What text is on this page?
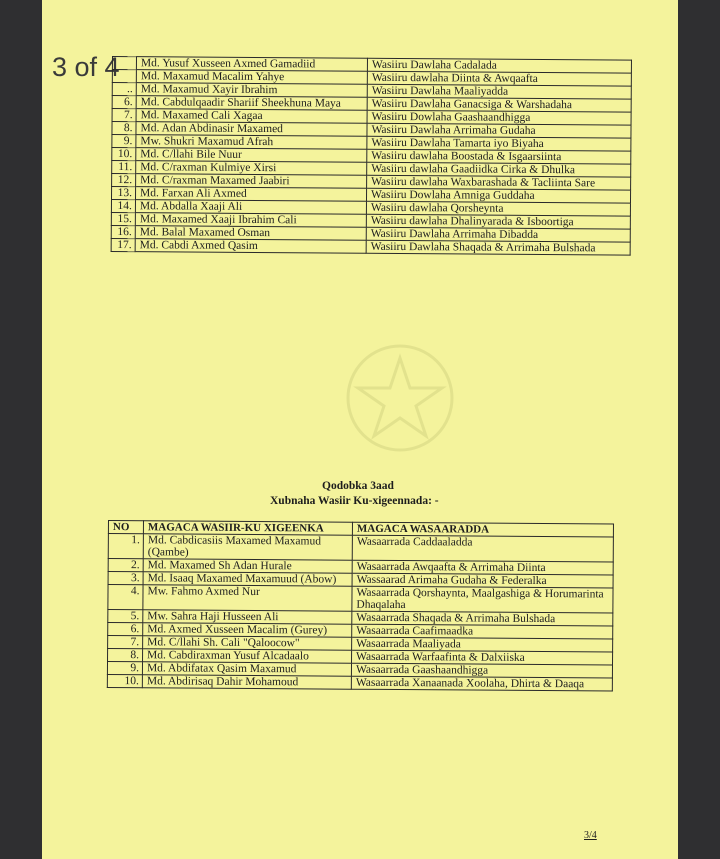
3 of 4
	Md. Yusuf Xusseen Axmed Gamadiid	Wasiiru Dawlaha Cadalada
	Md. Maxamud Macalim Yahye	Wasiiru dawlaha Diinta & Awqaafta
..	Md. Maxamud Xayir Ibrahim	Wasiiru Dawlaha Maaliyadda
6.	Md. Cabdulqaadir Shariif Sheekhuna Maya	Wasiiru Dawlaha Ganacsiga & Warshadaha
7.	Md. Maxamed Cali Xagaa	Wasiiru Dowlaha Gaashaandhigga
8.	Md. Adan Abdinasir Maxamed	Wasiiru Dawlaha Arrimaha Gudaha
9.	Mw. Shukri Maxamud Afrah	Wasiiru Dawlaha Tamarta iyo Biyaha
10.	Md. C/llahi Bile Nuur	Wasiiru dawlaha Boostada & Isgaarsiinta
11.	Md. C/raxman Kulmiye Xirsi	Wasiiru dawlaha Gaadiidka Cirka & Dhulka
12.	Md. C/raxman Maxamed Jaabiri	Wasiiru dawlaha Waxbarashada & Tacliinta Sare
13.	Md. Farxan Ali Axmed	Wasiiru Dowlaha Amniga Guddaha
14.	Md. Abdalla Xaaji Ali	Wasiiru dawlaha Qorsheynta
15.	Md. Maxamed Xaaji Ibrahim Cali	Wasiiru dawlaha Dhalinyarada & Isboortiga
16.	Md. Balal Maxamed Osman	Wasiiru Dawlaha Arrimaha Dibadda
17.	Md. Cabdi Axmed Qasim	Wasiiru Dawlaha Shaqada & Arrimaha Bulshada
Qodobka 3aad
Xubnaha Wasiir Ku-xigeennada: -
NO	MAGACA WASIIR-KU XIGEENKA	MAGACA WASAARADDA
1.	Md. Cabdicasiis Maxamed Maxamud (Qambe)	Wasaarrada Caddaaladda
2.	Md. Maxamed Sh Adan Hurale	Wasaarrada Awqaafta & Arrimaha Diinta
3.	Md. Isaaq Maxamed Maxamuud (Abow)	Wassaarad Arimaha Gudaha & Federalka
4.	Mw. Fahmo Axmed Nur	Wasaarrada Qorshaynta, Maalgashiga & Horumarinta Dhaqalaha
5.	Mw. Sahra Haji Husseen Ali	Wasaarrada Shaqada & Arrimaha Bulshada
6.	Md. Axmed Xusseen Macalim (Gurey)	Wasaarrada Caafimaadka
7.	Md. C/llahi Sh. Cali "Qaloocow"	Wasaarrada Maaliyada
8.	Md. Cabdiraxman Yusuf Alcadaalo	Wasaarrada Warfaafinta & Dalxiiska
9.	Md. Abdifatax Qasim Maxamud	Wasaarrada Gaashaandhigga
10.	Md. Abdirisaq Dahir Mohamoud	Wasaarrada Xanaanada Xoolaha, Dhirta & Daaqa
3/4
